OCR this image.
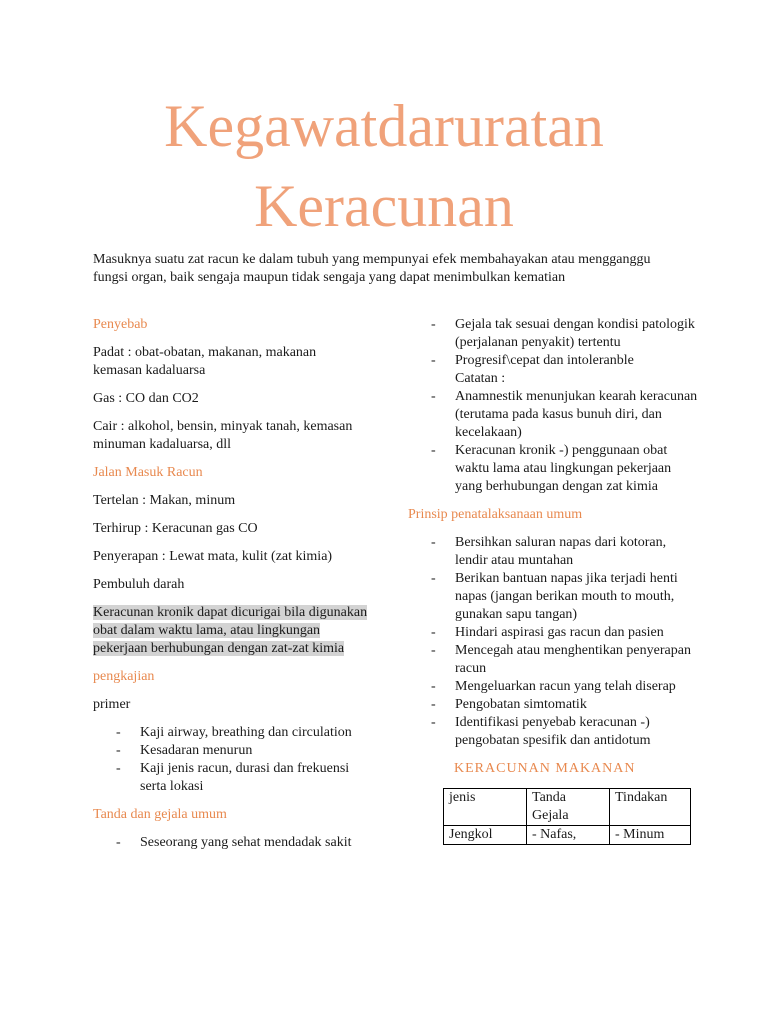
Kegawatdaruratan
Keracunan

Masuknya suatu zat racun ke dalam tubuh yang mempunyai efek membahayakan atau mengganggu fungsi organ, baik sengaja maupun tidak sengaja yang dapat menimbulkan kematian

Penyebab

Padat : obat-obatan, makanan, makanan kemasan kadaluarsa

Gas : CO dan CO2

Cair : alkohol, bensin, minyak tanah, kemasan minuman kadaluarsa, dll

Jalan Masuk Racun

Tertelan : Makan, minum

Terhirup : Keracunan gas CO

Penyerapan : Lewat mata, kulit (zat kimia)

Pembuluh darah

Keracunan kronik dapat dicurigai bila digunakan obat dalam waktu lama, atau lingkungan pekerjaan berhubungan dengan zat-zat kimia

pengkajian

primer

- Kaji airway, breathing dan circulation
- Kesadaran menurun
- Kaji jenis racun, durasi dan frekuensi serta lokasi

Tanda dan gejala umum

- Seseorang yang sehat mendadak sakit
- Gejala tak sesuai dengan kondisi patologik (perjalanan penyakit) tertentu
- Progresif\cepat dan intoleranble

Catatan :

- Anamnestik menunjukan kearah keracunan (terutama pada kasus bunuh diri, dan kecelakaan)
- Keracunan kronik -) penggunaan obat waktu lama atau lingkungan pekerjaan yang berhubungan dengan zat kimia

Prinsip penatalaksanaan umum

- Bersihkan saluran napas dari kotoran, lendir atau muntahan
- Berikan bantuan napas jika terjadi henti napas (jangan berikan mouth to mouth, gunakan sapu tangan)
- Hindari aspirasi gas racun dan pasien
- Mencegah atau menghentikan penyerapan racun
- Mengeluarkan racun yang telah diserap
- Pengobatan simtomatik
- Identifikasi penyebab keracunan -) pengobatan spesifik dan antidotum

KERACUNAN MAKANAN

jenis	Tanda Gejala	Tindakan
Jengkol	- Nafas,	- Minum
